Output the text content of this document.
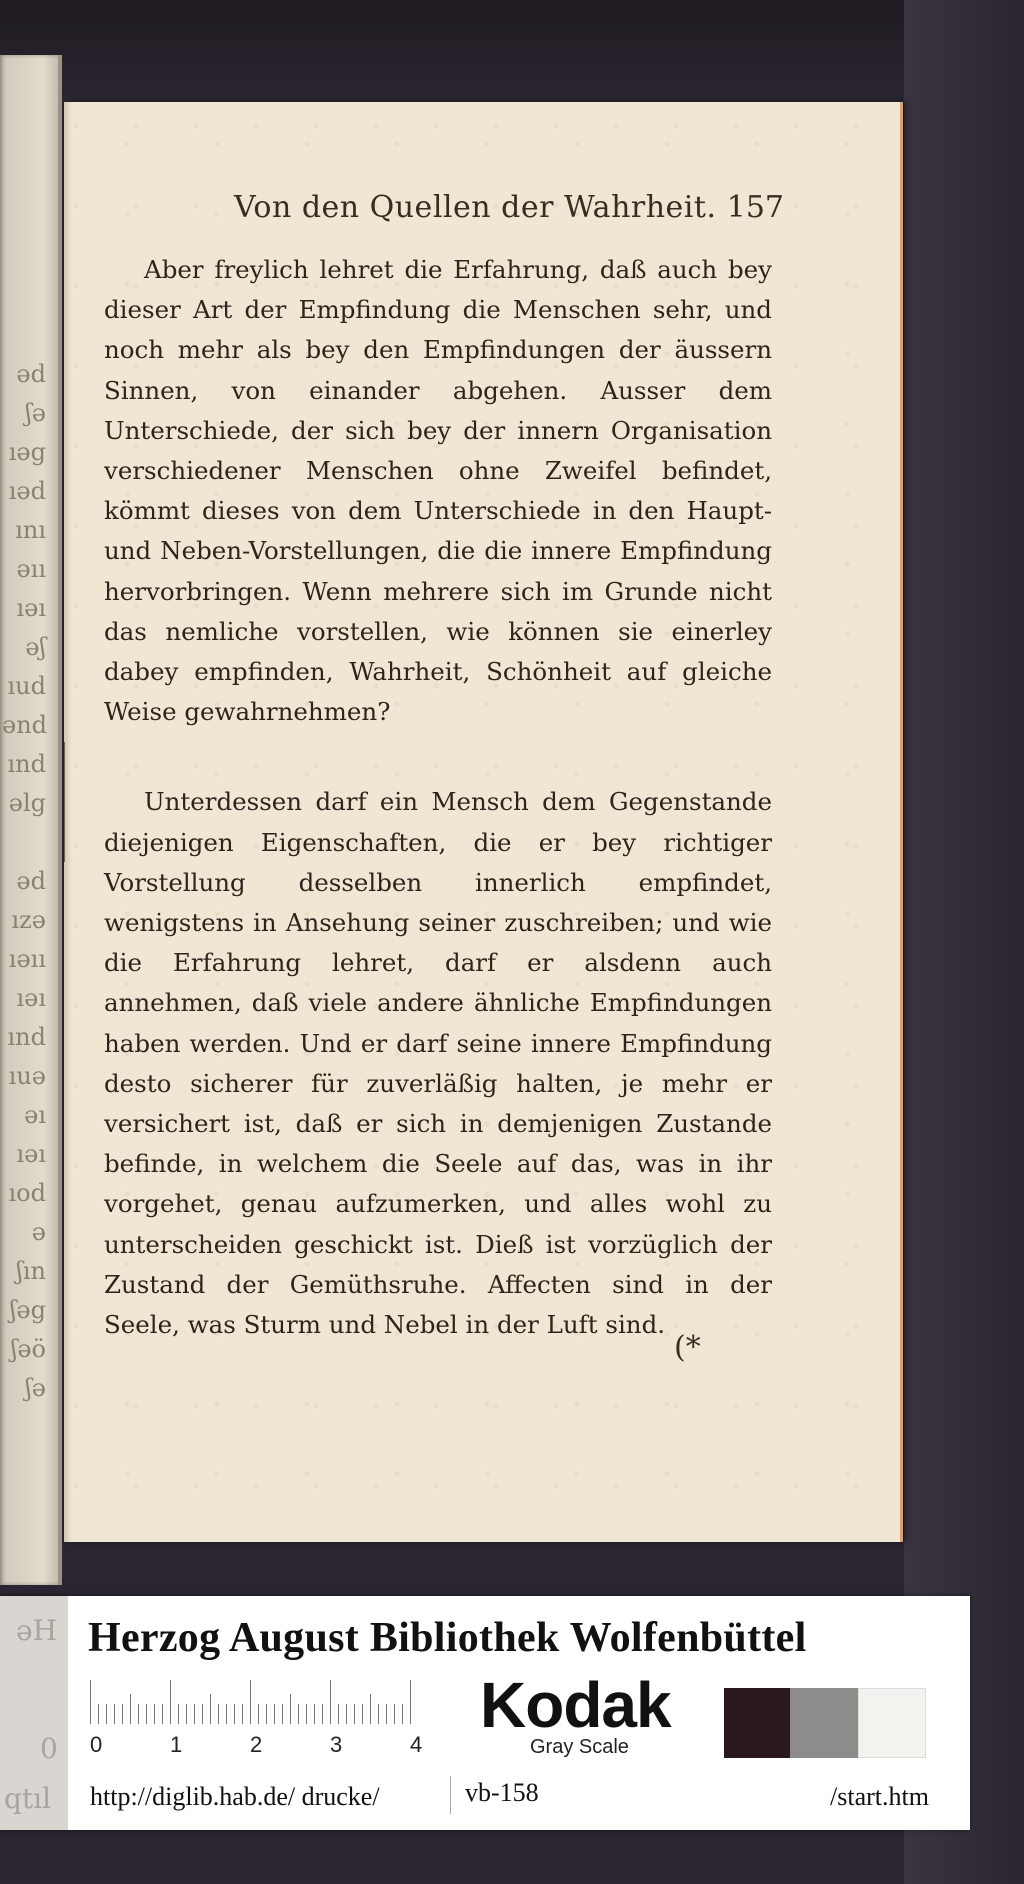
əd
ʃə
ıəg
ıəd
ını
əıı
ıəı
əʃ
ıud
ənd
ınd
əlg

əd
ızə
ıəıı
ıəı
ınd
ıuə
əı
ıəı
ıod
ə
ʃın
ʃəg
ʃəö
ʃə
Von den Quellen der Wahrheit. 157

Aber freylich lehret die Erfahrung, daß auch bey dieser Art der Empfindung die Menschen sehr, und noch mehr als bey den Empfindungen der äussern Sinnen, von einander abgehen. Ausser dem Unterschiede, der sich bey der innern Organisation verschiedener Menschen ohne Zweifel befindet, kömmt dieses von dem Unterschiede in den Haupt- und Neben-Vorstellungen, die die innere Empfindung hervorbringen. Wenn mehrere sich im Grunde nicht das nemliche vorstellen, wie können sie einerley dabey empfinden, Wahrheit, Schönheit auf gleiche Weise gewahrnehmen?

Unterdessen darf ein Mensch dem Gegenstande diejenigen Eigenschaften, die er bey richtiger Vorstellung desselben innerlich empfindet, wenigstens in Ansehung seiner zuschreiben; und wie die Erfahrung lehret, darf er alsdenn auch annehmen, daß viele andere ähnliche Empfindungen haben werden. Und er darf seine innere Empfindung desto sicherer für zuverläßig halten, je mehr er versichert ist, daß er sich in demjenigen Zustande befinde, in welchem die Seele auf das, was in ihr vorgehet, genau aufzumerken, und alles wohl zu unterscheiden geschickt ist. Dieß ist vorzüglich der Zustand der Gemüthsruhe. Affecten sind in der Seele, was Sturm und Nebel in der Luft sind.

(*
əH
0
qtıl
Herzog August Bibliothek Wolfenbüttel
0	1	2	3	4
Kodak
Gray Scale
http://diglib.hab.de/ drucke/	vb-158	/start.htm
